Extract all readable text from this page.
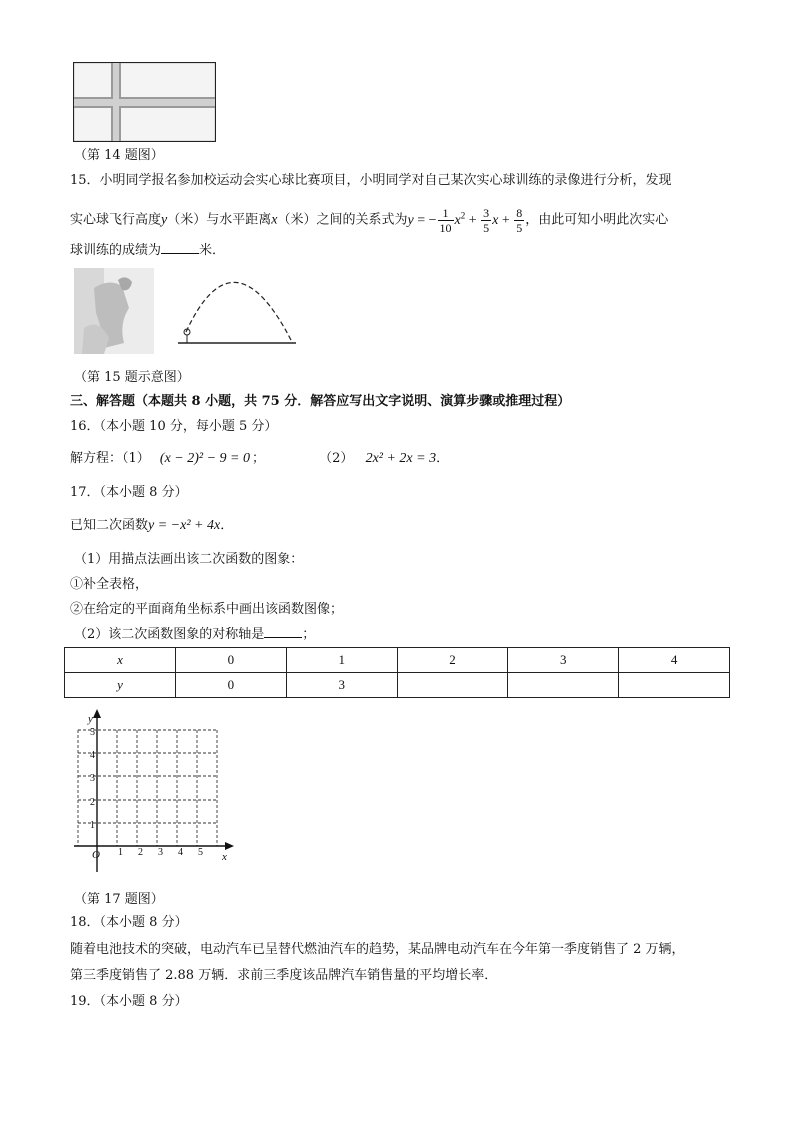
（第 14 题图）
15．小明同学报名参加校运动会实心球比赛项目，小明同学对自己某次实心球训练的录像进行分析，发现
实心球飞行高度y（米）与水平距离x（米）之间的关系式为y = − $\frac{1}{10} x^2 + \frac{3}{5}$ $x + \frac{8}{5}$ ，由此可知小明此次实心
球训练的成绩为	米．
（第 15 题示意图）
三、解答题（本题共 8 小题，共 75 分．解答应写出文字说明、演算步骤或推理过程）
16．（本小题 10 分，每小题 5 分）
解方程：（1） (x − 2)² − 9 = 0 ；	（2） 2x² + 2x = 3．
17．（本小题 8 分）
已知二次函数y = −x² + 4x．
（1）用描点法画出该二次函数的图象：
①补全表格，
②在给定的平面商角坐标系中画出该函数图像；
（2）该二次函数图象的对称轴是	；
x	0	1	2	3	4
y	0	3			
y
x
O 1 2 3 4 5
1
2
3
4
5
（第 17 题图）
18．（本小题 8 分）
随着电池技术的突破，电动汽车已呈替代燃油汽车的趋势，某品牌电动汽车在今年第一季度销售了 2 万辆，
第三季度销售了 2.88 万辆．求前三季度该品牌汽车销售量的平均增长率．
19．（本小题 8 分）
